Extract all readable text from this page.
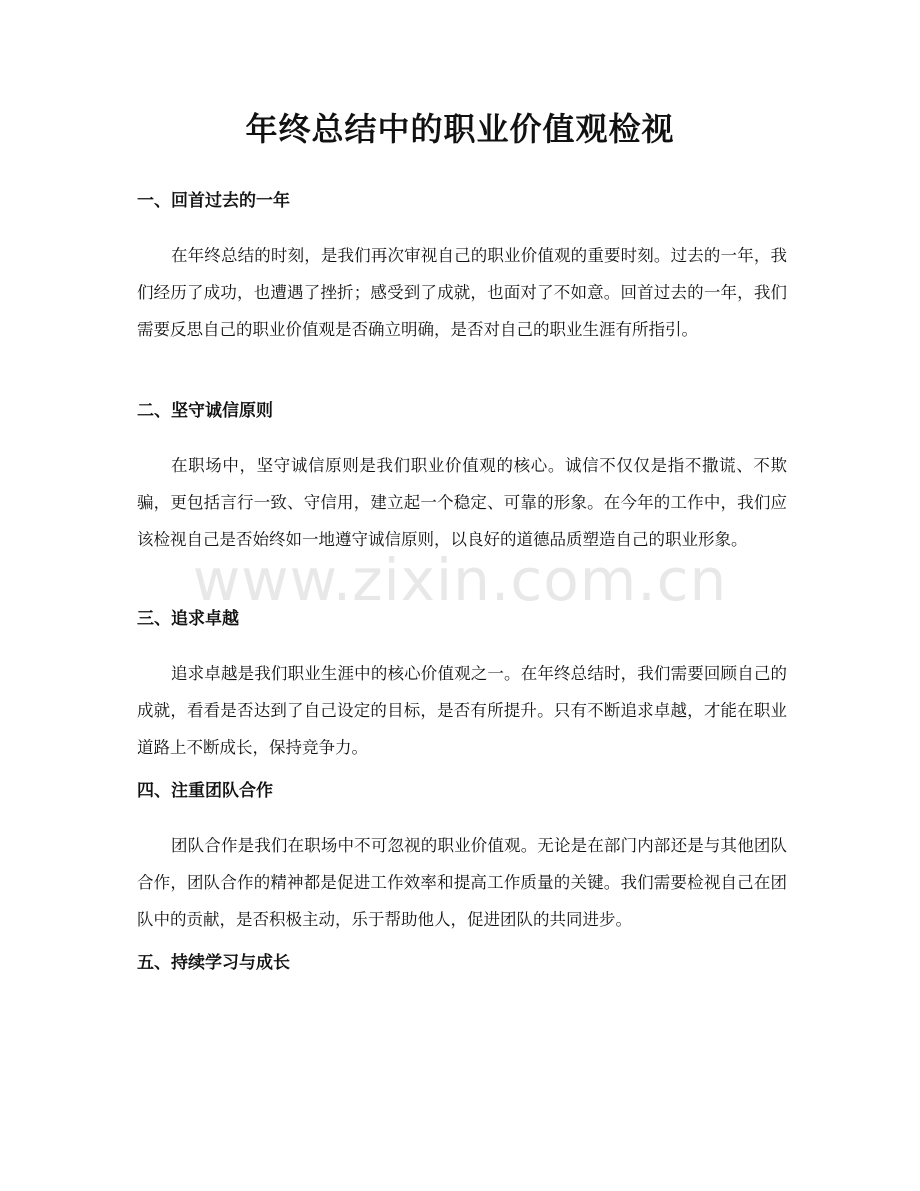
年终总结中的职业价值观检视
一、回首过去的一年

在年终总结的时刻，是我们再次审视自己的职业价值观的重要时刻。过去的一年，我们经历了成功，也遭遇了挫折；感受到了成就，也面对了不如意。回首过去的一年，我们需要反思自己的职业价值观是否确立明确，是否对自己的职业生涯有所指引。

二、坚守诚信原则

在职场中，坚守诚信原则是我们职业价值观的核心。诚信不仅仅是指不撒谎、不欺骗，更包括言行一致、守信用，建立起一个稳定、可靠的形象。在今年的工作中，我们应该检视自己是否始终如一地遵守诚信原则，以良好的道德品质塑造自己的职业形象。

三、追求卓越

追求卓越是我们职业生涯中的核心价值观之一。在年终总结时，我们需要回顾自己的成就，看看是否达到了自己设定的目标，是否有所提升。只有不断追求卓越，才能在职业道路上不断成长，保持竞争力。

四、注重团队合作

团队合作是我们在职场中不可忽视的职业价值观。无论是在部门内部还是与其他团队合作，团队合作的精神都是促进工作效率和提高工作质量的关键。我们需要检视自己在团队中的贡献，是否积极主动，乐于帮助他人，促进团队的共同进步。

五、持续学习与成长
www.zixin.com.cn
